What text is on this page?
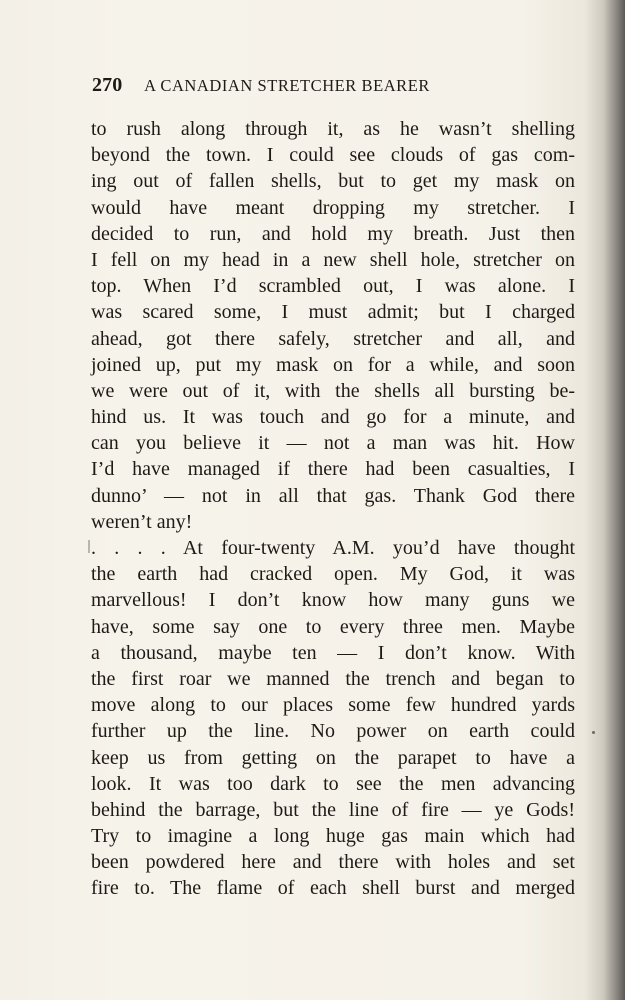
270 A CANADIAN STRETCHER BEARER
to rush along through it, as he wasn’t shelling
beyond the town. I could see clouds of gas com-
ing out of fallen shells, but to get my mask on
would have meant dropping my stretcher. I
decided to run, and hold my breath. Just then
I fell on my head in a new shell hole, stretcher on
top. When I’d scrambled out, I was alone. I
was scared some, I must admit; but I charged
ahead, got there safely, stretcher and all, and
joined up, put my mask on for a while, and soon
we were out of it, with the shells all bursting be-
hind us. It was touch and go for a minute, and
can you believe it — not a man was hit. How
I’d have managed if there had been casualties, I
dunno’ — not in all that gas. Thank God there
weren’t any!
. . . . At four-twenty A.M. you’d have thought
the earth had cracked open. My God, it was
marvellous! I don’t know how many guns we
have, some say one to every three men. Maybe
a thousand, maybe ten — I don’t know. With
the first roar we manned the trench and began to
move along to our places some few hundred yards
further up the line. No power on earth could
keep us from getting on the parapet to have a
look. It was too dark to see the men advancing
behind the barrage, but the line of fire — ye Gods!
Try to imagine a long huge gas main which had
been powdered here and there with holes and set
fire to. The flame of each shell burst and merged
